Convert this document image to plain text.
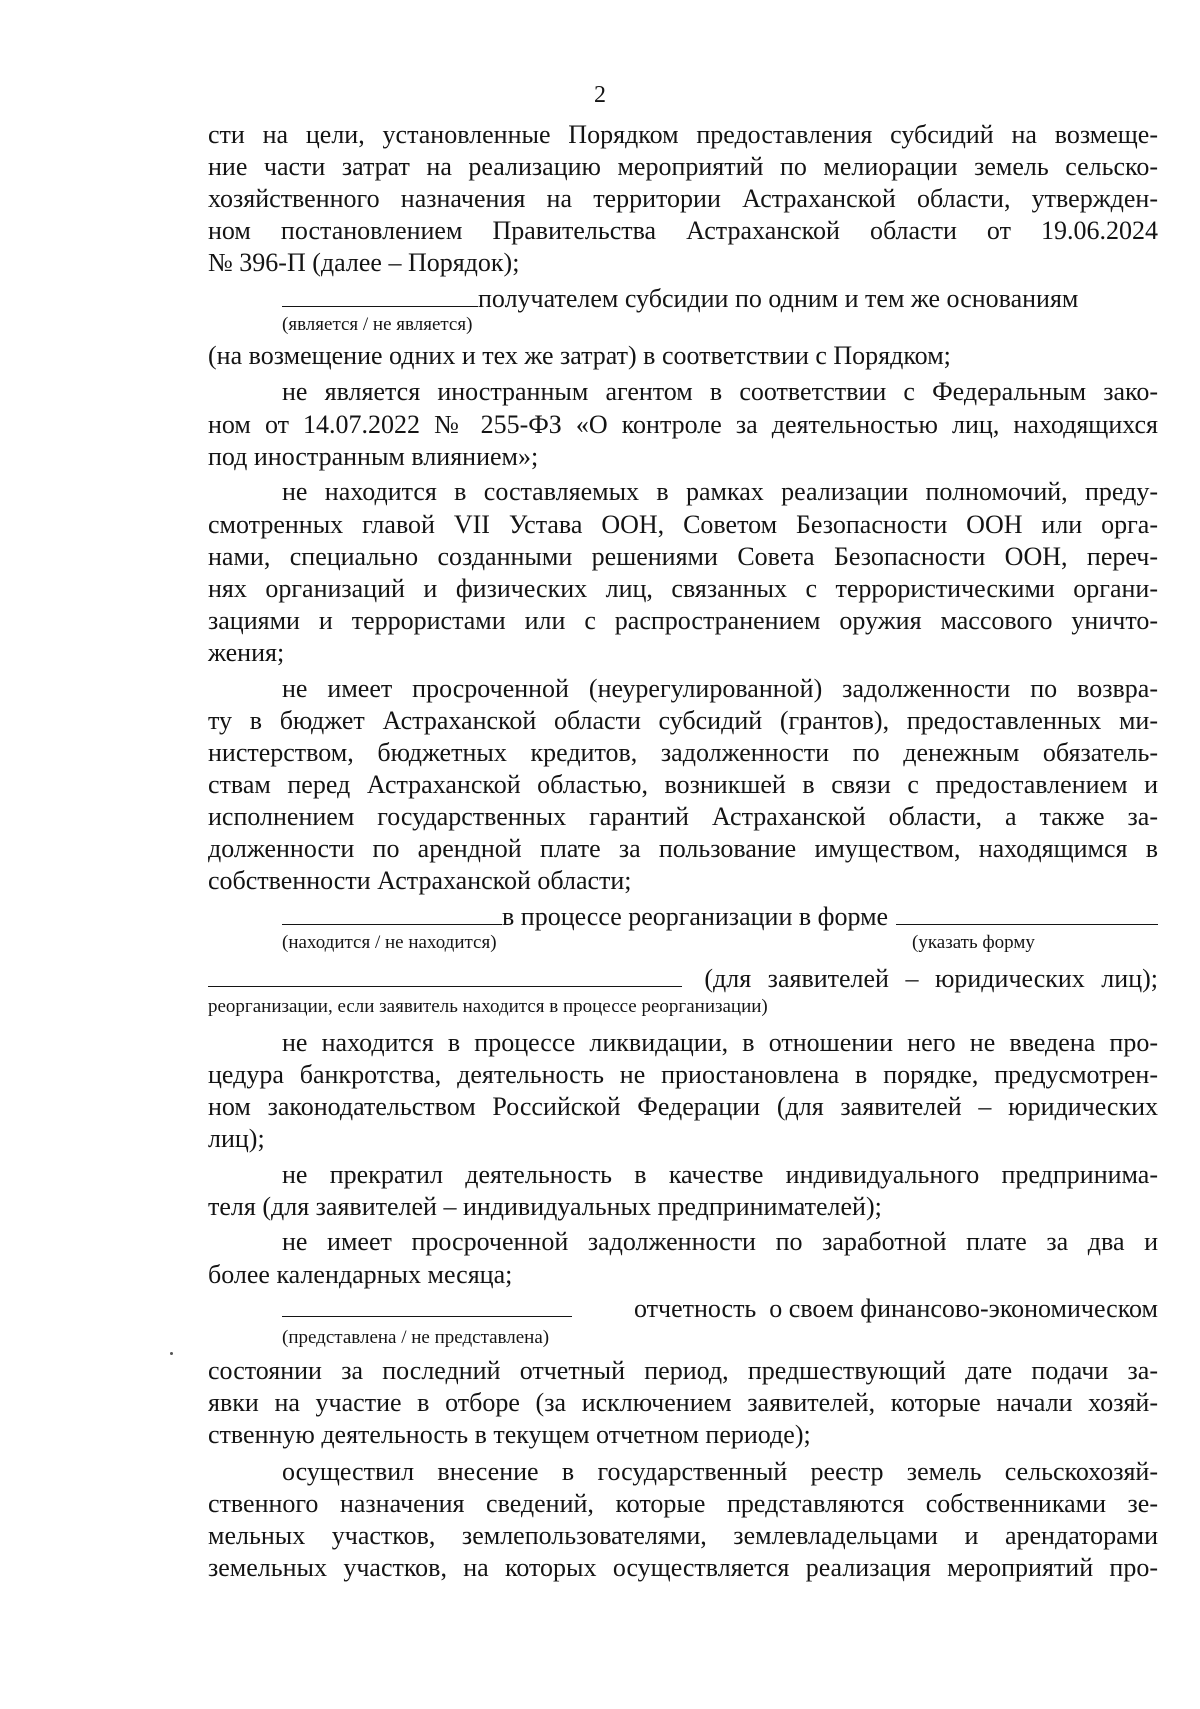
2
сти на цели, установленные Порядком предоставления субсидий на возмеще-
ние части затрат на реализацию мероприятий по мелиорации земель сельско-
хозяйственного назначения на территории Астраханской области, утвержден-
ном постановлением Правительства Астраханской области от 19.06.2024
№ 396-П (далее – Порядок);
получателем субсидии по одним и тем же основаниям
(является / не является)
(на возмещение одних и тех же затрат) в соответствии с Порядком;
не является иностранным агентом в соответствии с Федеральным зако-
ном от 14.07.2022 № 255-ФЗ «О контроле за деятельностью лиц, находящихся
под иностранным влиянием»;
не находится в составляемых в рамках реализации полномочий, преду-
смотренных главой VII Устава ООН, Советом Безопасности ООН или орга-
нами, специально созданными решениями Совета Безопасности ООН, переч-
нях организаций и физических лиц, связанных с террористическими органи-
зациями и террористами или с распространением оружия массового уничто-
жения;
не имеет просроченной (неурегулированной) задолженности по возвра-
ту в бюджет Астраханской области субсидий (грантов), предоставленных ми-
нистерством, бюджетных кредитов, задолженности по денежным обязатель-
ствам перед Астраханской областью, возникшей в связи с предоставлением и
исполнением государственных гарантий Астраханской области, а также за-
долженности по арендной плате за пользование имуществом, находящимся в
собственности Астраханской области;
в процессе реорганизации в форме
(находится / не находится)	(указать форму
(для заявителей – юридических лиц);
реорганизации, если заявитель находится в процессе реорганизации)
не находится в процессе ликвидации, в отношении него не введена про-
цедура банкротства, деятельность не приостановлена в порядке, предусмотрен-
ном законодательством Российской Федерации (для заявителей – юридических
лиц);
не прекратил деятельность в качестве индивидуального предпринима-
теля (для заявителей – индивидуальных предпринимателей);
не имеет просроченной задолженности по заработной плате за два и
более календарных месяца;
отчетность  о своем финансово-экономическом
(представлена / не представлена)
состоянии за последний отчетный период, предшествующий дате подачи за-
явки на участие в отборе (за исключением заявителей, которые начали хозяй-
ственную деятельность в текущем отчетном периоде);
осуществил внесение в государственный реестр земель сельскохозяй-
ственного назначения сведений, которые представляются собственниками зе-
мельных участков, землепользователями, землевладельцами и арендаторами
земельных участков, на которых осуществляется реализация мероприятий про-
